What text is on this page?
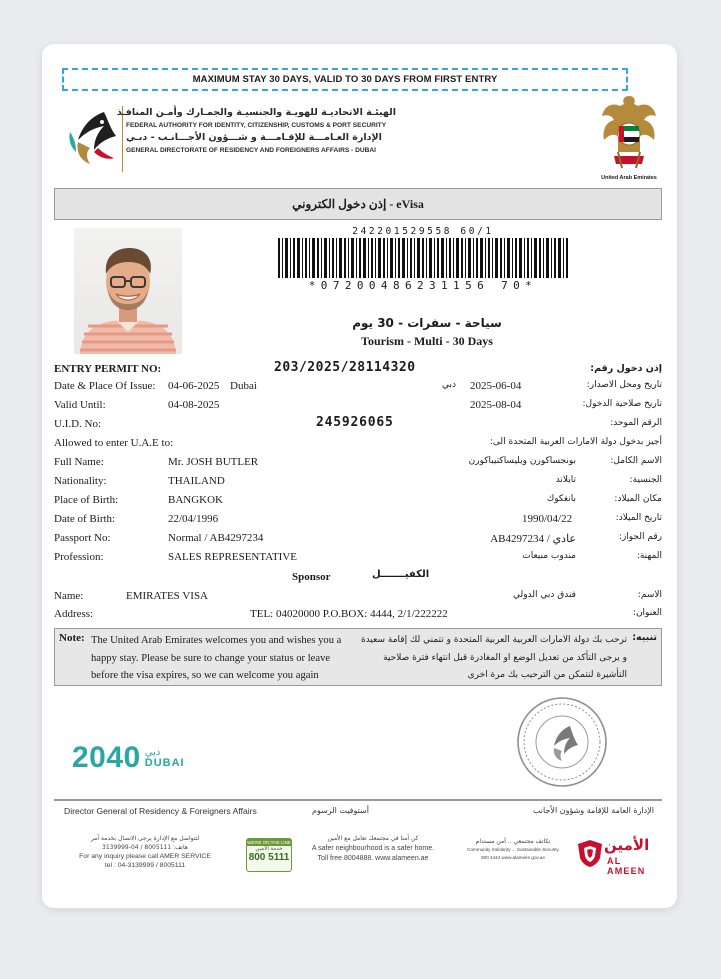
MAXIMUM STAY 30 DAYS, VALID TO 30 DAYS FROM FIRST ENTRY
الهيئـة الاتحاديـة للهويـة والجنسيـة والجمـارك وأمـن المنافـذ
FEDERAL AUTHORITY FOR IDENTITY, CITIZENSHIP, CUSTOMS & PORT SECURITY
الإدارة العـامـــة للإقـامـــة و شـــؤون الأجـــانـب - دبـي
GENERAL DIRECTORATE OF RESIDENCY AND FOREIGNERS AFFAIRS - DUBAI
United Arab Emirates
إذن دخول الكتروني - eVisa
242201529558 60/1
*07200486231156 70*
سياحة - سفرات - 30 يوم
Tourism - Multi - 30 Days
ENTRY PERMIT NO:	203/2025/28114320	إذن دخول رقم:
Date & Place Of Issue: 04-06-2025 Dubai	دبي 2025-06-04	تاريخ ومحل الاصدار:
Valid Until:	04-08-2025	2025-08-04	تاريخ صلاحية الدخول:
U.I.D. No:	245926065	الرقم الموحد:
Allowed to enter U.A.E to:	أجيز بدخول دولة الامارات العربية المتحدة الى:
Full Name:	Mr. JOSH BUTLER	بونجساكورن ويليساكتيباكورن	الاسم الكامل:
Nationality:	THAILAND	تايلاند	الجنسية:
Place of Birth:	BANGKOK	بانغكوك	مكان الميلاد:
Date of Birth:	22/04/1996	1990/04/22	تاريخ الميلاد:
Passport No:	Normal / AB4297234	عادي / AB4297234	رقم الجواز:
Profession:	SALES REPRESENTATIVE	مندوب مبيعات	المهنة:
Sponsor	الكفيـــــــل
Name:	EMIRATES VISA	فندق دبي الدولي	الاسم:
Address:	TEL: 04020000 P.O.BOX: 4444, 2/1/222222	العنوان:
Note: The United Arab Emirates welcomes you and wishes you a happy stay. Please be sure to change your status or leave before the visa expires, so we can welcome you again
ترحب بك دولة الامارات العربية العربية المتحدة و تتمني لك إقامة سعيدة و يرجى التأكد من تعديل الوضع او المغادرة قبل انتهاء فترة صلاحية التأشيرة لنتمكن من الترحيب بك مرة اخرى
تنبيه:
2040 دبي
DUBAI
Director General of Residency & Foreigners Affairs	أستوفيت الرسوم	الإدارة العامة للإقامة وشؤون الأجانب
لتتواصل مع الإدارة يرجى الاتصال بخدمة آمر
هاتف: 8005111 / 04-3139999
For any inquiry please call AMER SERVICE
tel : 04-3139999 / 8005111
WE'RE ON THE LINE
خدمة الأمين
800 5111
كن آمنا في مجتمعك تعامل مع الأمين
A safer neighbourhood is a safer home.
Toll free 8004888. www.alameen.ae
تكاتف مجتمعي .. أمن مستدام
Community Solidarity ... Sustainable Security
800 4444 www.alameen.gov.ae
الأمين
AL AMEEN
